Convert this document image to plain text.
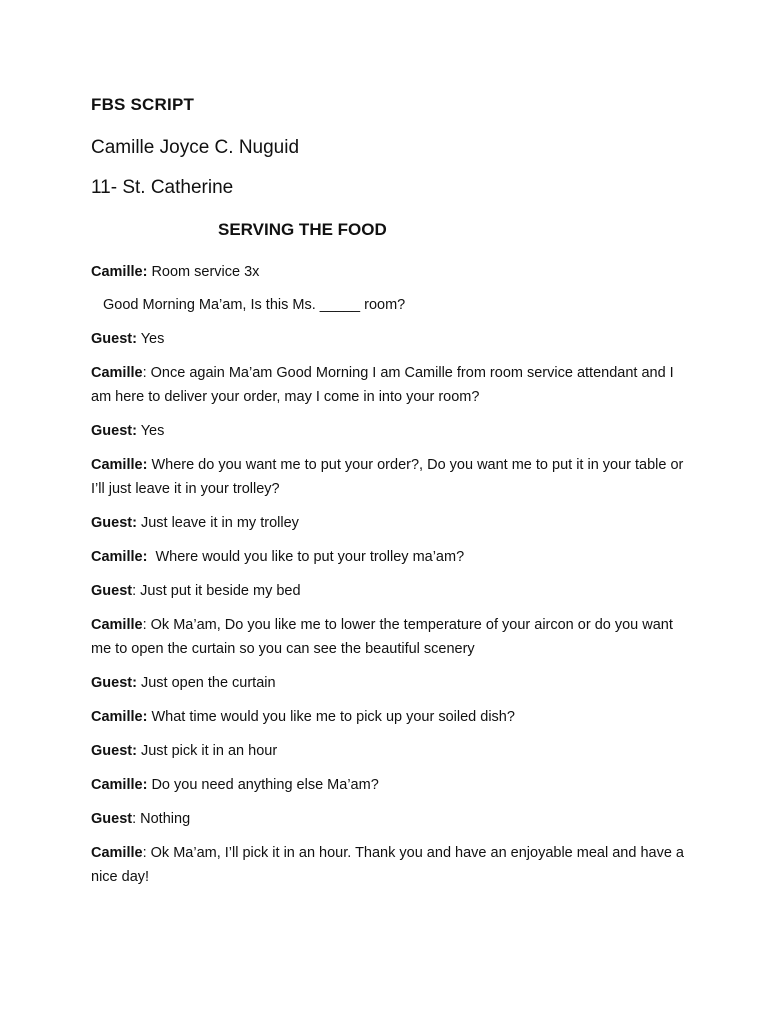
FBS SCRIPT
Camille Joyce C. Nuguid
11- St. Catherine
SERVING THE FOOD
Camille: Room service 3x
Good Morning Ma’am, Is this Ms. _____ room?
Guest: Yes
Camille: Once again Ma’am Good Morning I am Camille from room service attendant and I am here to deliver your order, may I come in into your room?
Guest: Yes
Camille: Where do you want me to put your order?, Do you want me to put it in your table or I’ll just leave it in your trolley?
Guest: Just leave it in my trolley
Camille:  Where would you like to put your trolley ma’am?
Guest: Just put it beside my bed
Camille: Ok Ma’am, Do you like me to lower the temperature of your aircon or do you want me to open the curtain so you can see the beautiful scenery
Guest: Just open the curtain
Camille: What time would you like me to pick up your soiled dish?
Guest: Just pick it in an hour
Camille: Do you need anything else Ma’am?
Guest: Nothing
Camille: Ok Ma’am, I’ll pick it in an hour. Thank you and have an enjoyable meal and have a nice day!
